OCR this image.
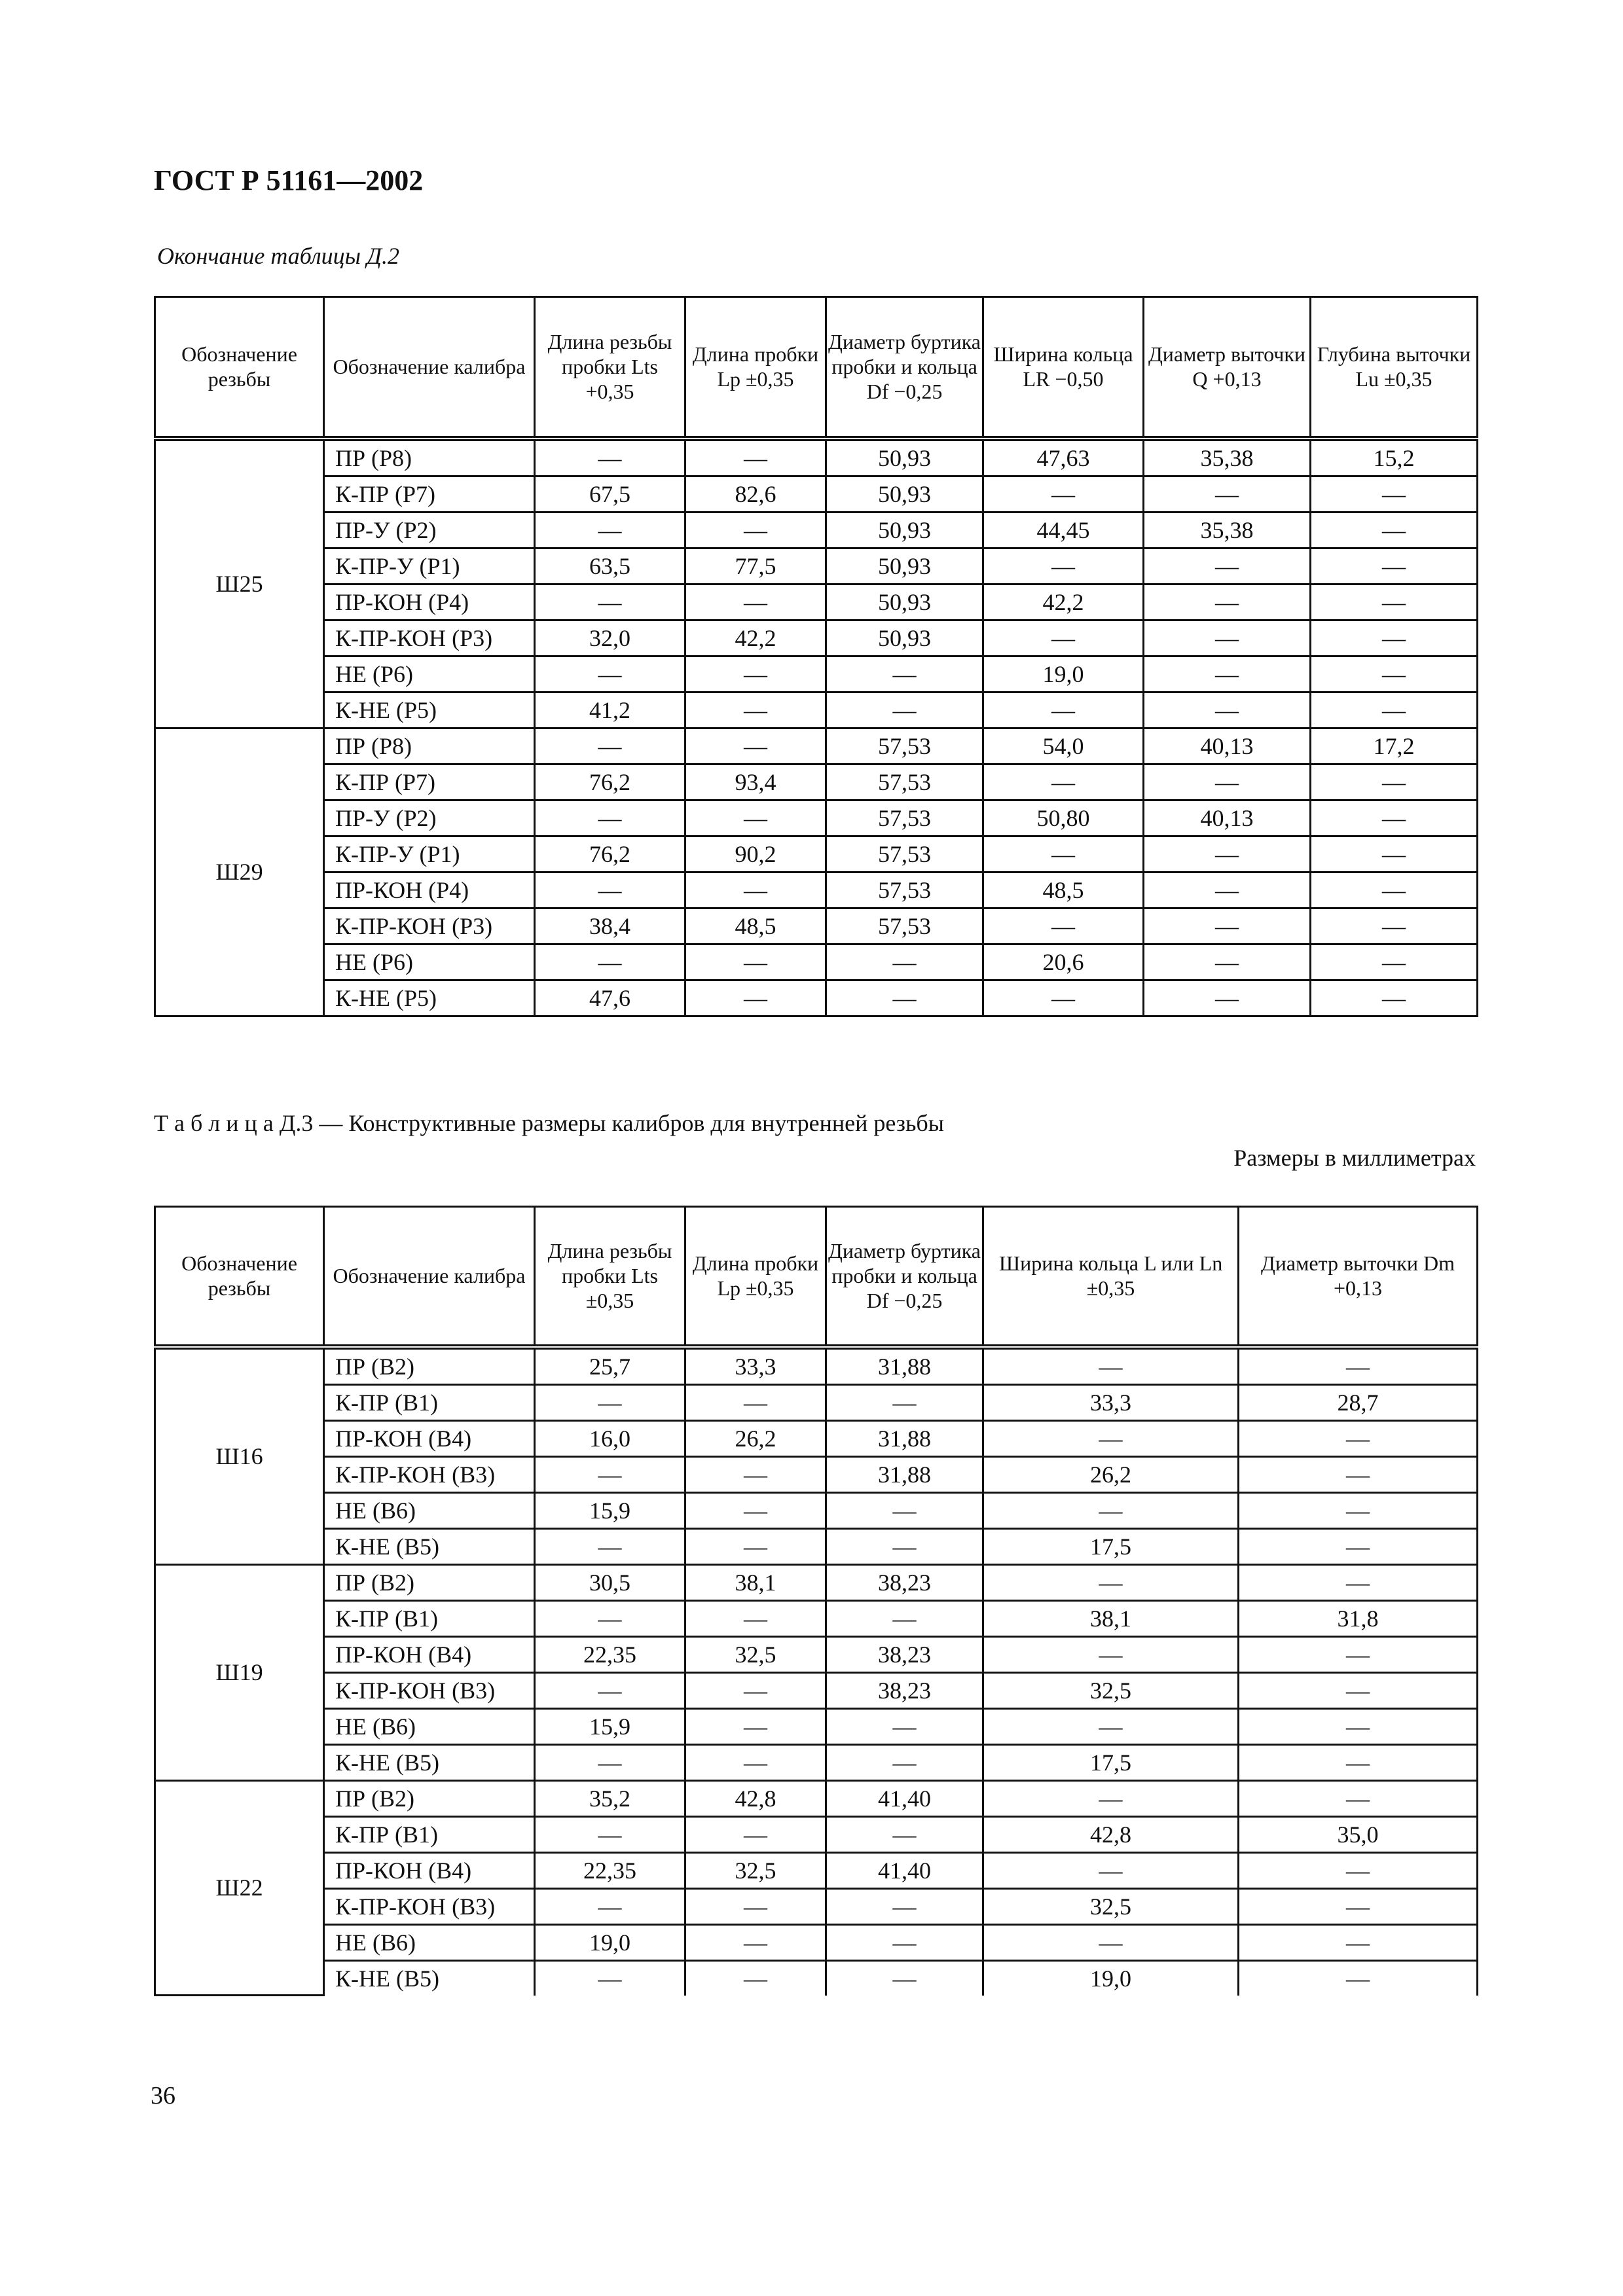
ГОСТ Р 51161—2002
Окончание таблицы Д.2
Обозначение резьбы	Обозначение калибра	Длина резьбы пробки Lts +0,35	Длина пробки Lp ±0,35	Диаметр буртика пробки и кольца Df −0,25	Ширина кольца LR −0,50	Диаметр выточки Q +0,13	Глубина выточки Lu ±0,35
Ш25	ПР (Р8)	—	—	50,93	47,63	35,38	15,2
	К-ПР (Р7)	67,5	82,6	50,93	—	—	—
	ПР-У (Р2)	—	—	50,93	44,45	35,38	—
	К-ПР-У (Р1)	63,5	77,5	50,93	—	—	—
	ПР-КОН (Р4)	—	—	50,93	42,2	—	—
	К-ПР-КОН (Р3)	32,0	42,2	50,93	—	—	—
	НЕ (Р6)	—	—	—	19,0	—	—
	К-НЕ (Р5)	41,2	—	—	—	—	—
Ш29	ПР (Р8)	—	—	57,53	54,0	40,13	17,2
	К-ПР (Р7)	76,2	93,4	57,53	—	—	—
	ПР-У (Р2)	—	—	57,53	50,80	40,13	—
	К-ПР-У (Р1)	76,2	90,2	57,53	—	—	—
	ПР-КОН (Р4)	—	—	57,53	48,5	—	—
	К-ПР-КОН (Р3)	38,4	48,5	57,53	—	—	—
	НЕ (Р6)	—	—	—	20,6	—	—
	К-НЕ (Р5)	47,6	—	—	—	—	—
Т а б л и ц а Д.3 — Конструктивные размеры калибров для внутренней резьбы
Размеры в миллиметрах
Обозначение резьбы	Обозначение калибра	Длина резьбы пробки Lts ±0,35	Длина пробки Lp ±0,35	Диаметр буртика пробки и кольца Df −0,25	Ширина кольца L или Ln ±0,35	Диаметр выточки Dm +0,13
Ш16	ПР (В2)	25,7	33,3	31,88	—	—
	К-ПР (В1)	—	—	—	33,3	28,7
	ПР-КОН (В4)	16,0	26,2	31,88	—	—
	К-ПР-КОН (В3)	—	—	31,88	26,2	—
	НЕ (В6)	15,9	—	—	—	—
	К-НЕ (В5)	—	—	—	17,5	—
Ш19	ПР (В2)	30,5	38,1	38,23	—	—
	К-ПР (В1)	—	—	—	38,1	31,8
	ПР-КОН (В4)	22,35	32,5	38,23	—	—
	К-ПР-КОН (В3)	—	—	38,23	32,5	—
	НЕ (В6)	15,9	—	—	—	—
	К-НЕ (В5)	—	—	—	17,5	—
Ш22	ПР (В2)	35,2	42,8	41,40	—	—
	К-ПР (В1)	—	—	—	42,8	35,0
	ПР-КОН (В4)	22,35	32,5	41,40	—	—
	К-ПР-КОН (В3)	—	—	—	32,5	—
	НЕ (В6)	19,0	—	—	—	—
	К-НЕ (В5)	—	—	—	19,0	—
36
